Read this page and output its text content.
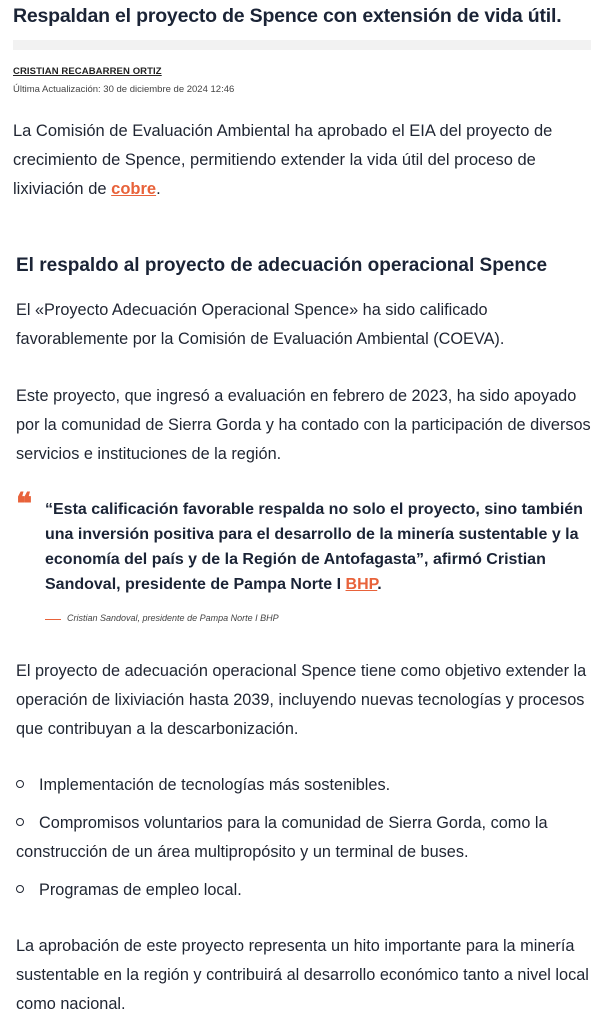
Respaldan el proyecto de Spence con extensión de vida útil.
CRISTIAN RECABARREN ORTIZ
Última Actualización: 30 de diciembre de 2024 12:46

La Comisión de Evaluación Ambiental ha aprobado el EIA del proyecto de crecimiento de Spence, permitiendo extender la vida útil del proceso de lixiviación de cobre.

El respaldo al proyecto de adecuación operacional Spence

El «Proyecto Adecuación Operacional Spence» ha sido calificado favorablemente por la Comisión de Evaluación Ambiental (COEVA).

Este proyecto, que ingresó a evaluación en febrero de 2023, ha sido apoyado por la comunidad de Sierra Gorda y ha contado con la participación de diversos servicios e instituciones de la región.

❝ “Esta calificación favorable respalda no solo el proyecto, sino también una inversión positiva para el desarrollo de la minería sustentable y la economía del país y de la Región de Antofagasta”, afirmó Cristian Sandoval, presidente de Pampa Norte I BHP.
Cristian Sandoval, presidente de Pampa Norte I BHP

El proyecto de adecuación operacional Spence tiene como objetivo extender la operación de lixiviación hasta 2039, incluyendo nuevas tecnologías y procesos que contribuyan a la descarbonización.

Implementación de tecnologías más sostenibles.
Compromisos voluntarios para la comunidad de Sierra Gorda, como la construcción de un área multipropósito y un terminal de buses.
Programas de empleo local.

La aprobación de este proyecto representa un hito importante para la minería sustentable en la región y contribuirá al desarrollo económico tanto a nivel local como nacional.
